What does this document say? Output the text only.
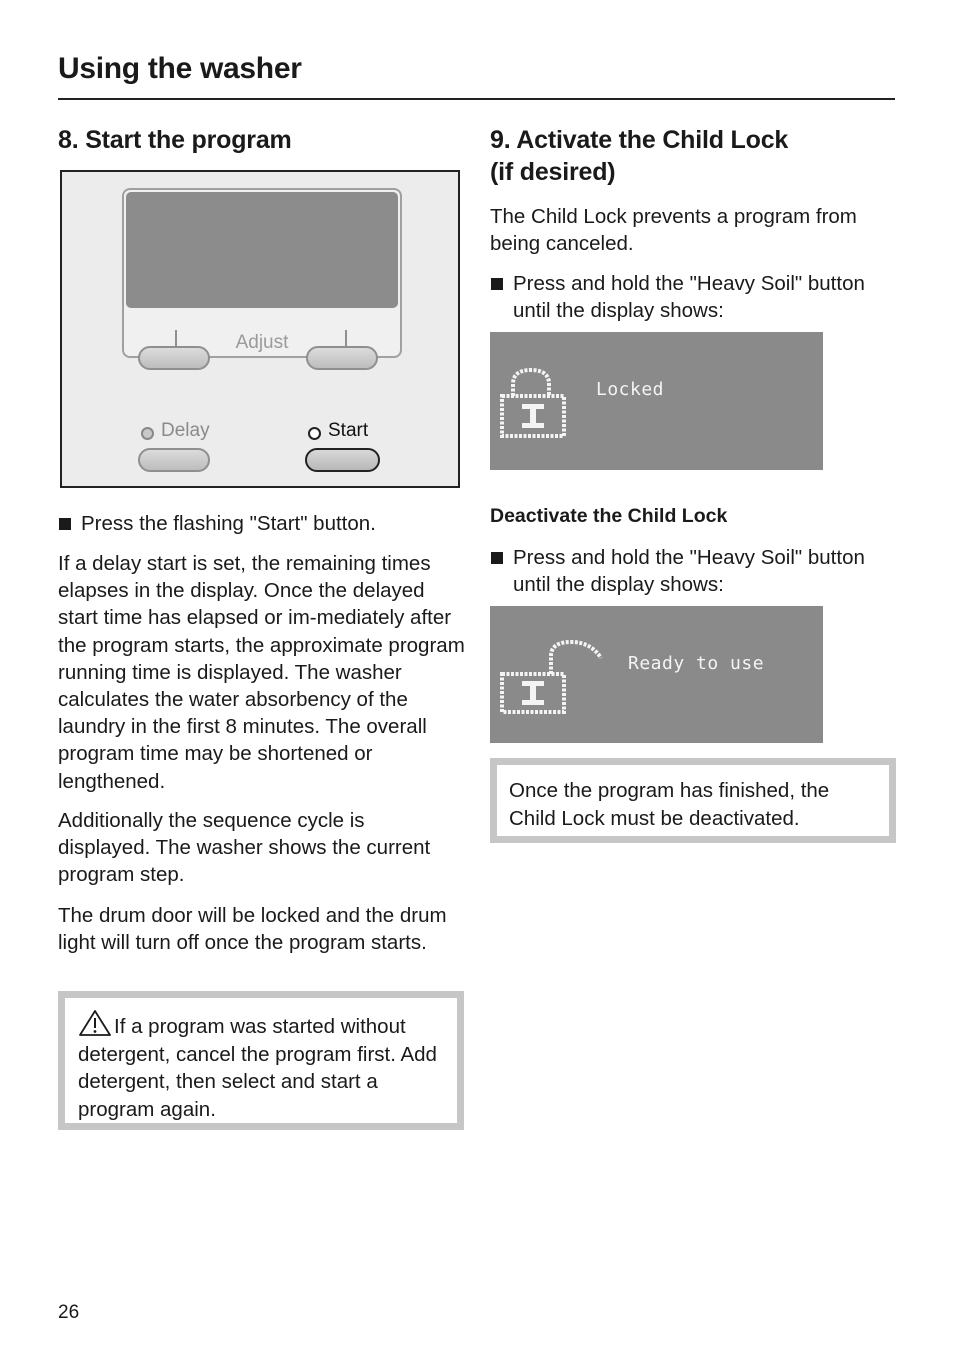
Using the washer
8. Start the program
Adjust
Delay	Start
Press the flashing "Start" button.

If a delay start is set, the remaining times elapses in the display. Once the delayed start time has elapsed or im-mediately after the program starts, the approximate program running time is displayed. The washer calculates the water absorbency of the laundry in the first 8 minutes. The overall program time may be shortened or lengthened.

Additionally the sequence cycle is displayed. The washer shows the current program step.

The drum door will be locked and the drum light will turn off once the program starts.

If a program was started without detergent, cancel the program first. Add detergent, then select and start a program again.

9. Activate the Child Lock
(if desired)

The Child Lock prevents a program from being canceled.

Press and hold the "Heavy Soil" button until the display shows:
Locked
Deactivate the Child Lock
Press and hold the "Heavy Soil" button until the display shows:
Ready to use

Once the program has finished, the Child Lock must be deactivated.

26
